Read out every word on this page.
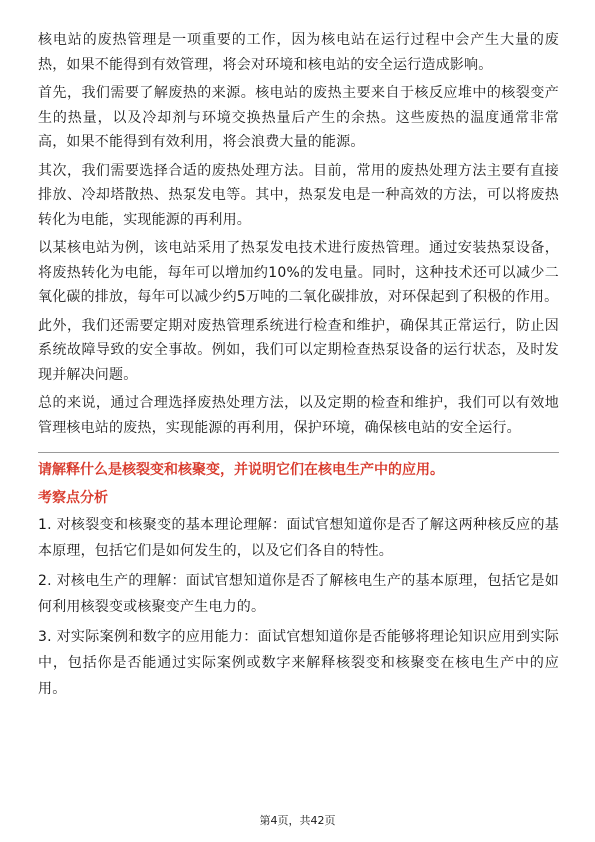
核电站的废热管理是一项重要的工作，因为核电站在运行过程中会产生大量的废热，如果不能得到有效管理，将会对环境和核电站的安全运行造成影响。

首先，我们需要了解废热的来源。核电站的废热主要来自于核反应堆中的核裂变产生的热量，以及冷却剂与环境交换热量后产生的余热。这些废热的温度通常非常高，如果不能得到有效利用，将会浪费大量的能源。

其次，我们需要选择合适的废热处理方法。目前，常用的废热处理方法主要有直接排放、冷却塔散热、热泵发电等。其中，热泵发电是一种高效的方法，可以将废热转化为电能，实现能源的再利用。

以某核电站为例，该电站采用了热泵发电技术进行废热管理。通过安装热泵设备，将废热转化为电能，每年可以增加约10%的发电量。同时，这种技术还可以减少二氧化碳的排放，每年可以减少约5万吨的二氧化碳排放，对环保起到了积极的作用。

此外，我们还需要定期对废热管理系统进行检查和维护，确保其正常运行，防止因系统故障导致的安全事故。例如，我们可以定期检查热泵设备的运行状态，及时发现并解决问题。

总的来说，通过合理选择废热处理方法，以及定期的检查和维护，我们可以有效地管理核电站的废热，实现能源的再利用，保护环境，确保核电站的安全运行。

请解释什么是核裂变和核聚变，并说明它们在核电生产中的应用。
考察点分析

1. 对核裂变和核聚变的基本理论理解：面试官想知道你是否了解这两种核反应的基本原理，包括它们是如何发生的，以及它们各自的特性。

2. 对核电生产的理解：面试官想知道你是否了解核电生产的基本原理，包括它是如何利用核裂变或核聚变产生电力的。

3. 对实际案例和数字的应用能力：面试官想知道你是否能够将理论知识应用到实际中，包括你是否能通过实际案例或数字来解释核裂变和核聚变在核电生产中的应用。

第4页，共42页
